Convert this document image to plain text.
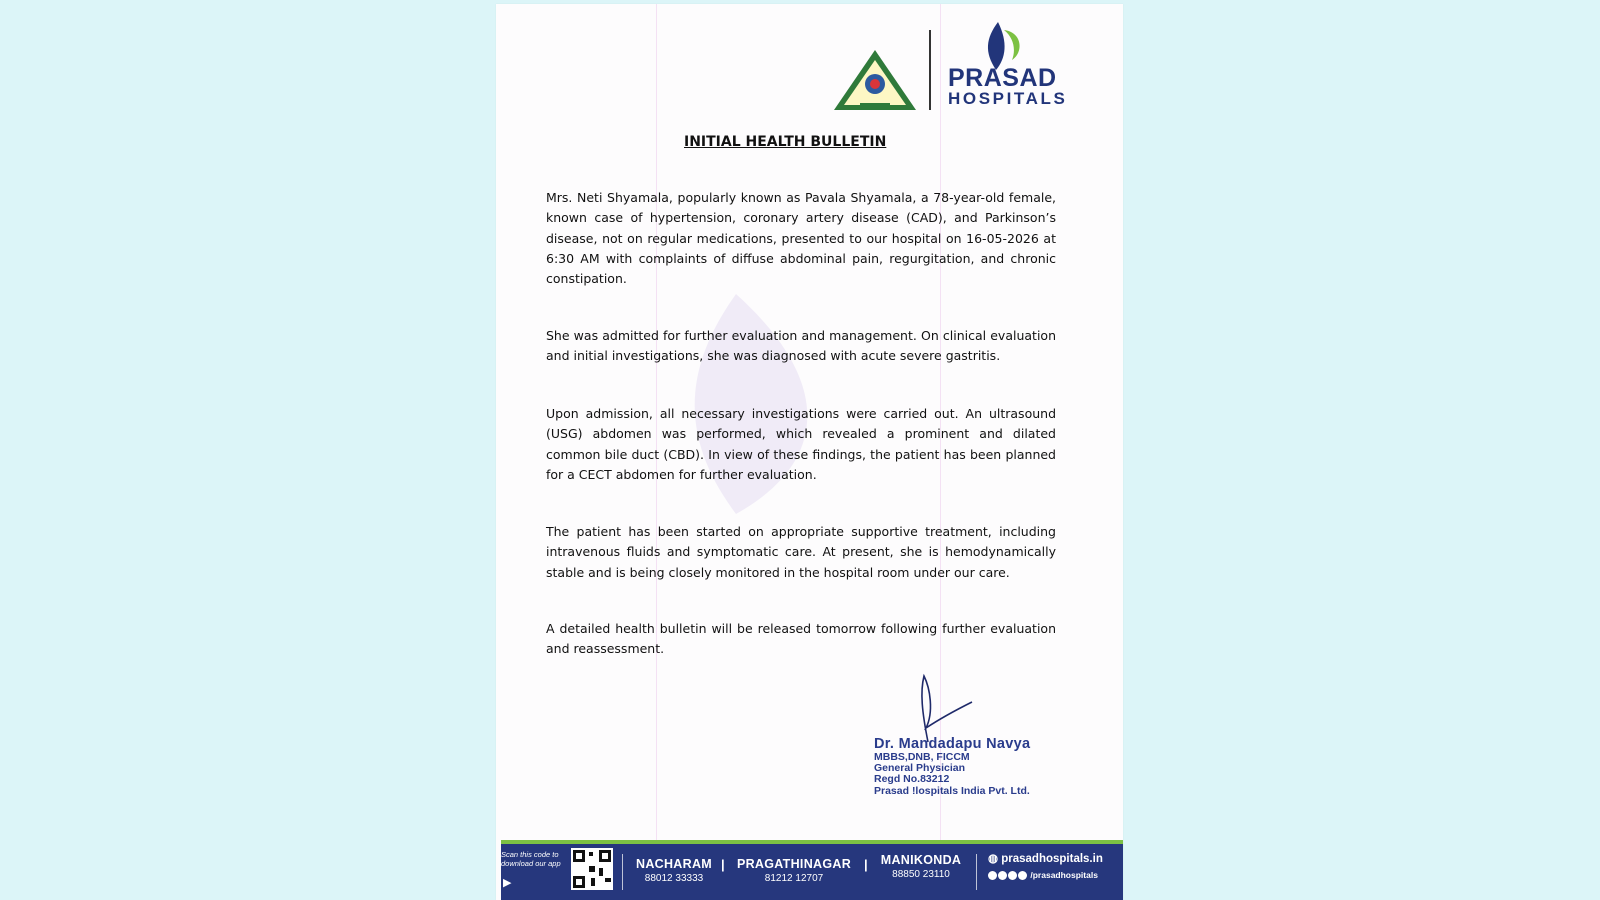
PRASAD
HOSPITALS
INITIAL HEALTH BULLETIN

Mrs. Neti Shyamala, popularly known as Pavala Shyamala, a 78-year-old female, known case of hypertension, coronary artery disease (CAD), and Parkinson’s disease, not on regular medications, presented to our hospital on 16-05-2026 at 6:30 AM with complaints of diffuse abdominal pain, regurgitation, and chronic constipation.

She was admitted for further evaluation and management. On clinical evaluation and initial investigations, she was diagnosed with acute severe gastritis.

Upon admission, all necessary investigations were carried out. An ultrasound (USG) abdomen was performed, which revealed a prominent and dilated common bile duct (CBD). In view of these findings, the patient has been planned for a CECT abdomen for further evaluation.

The patient has been started on appropriate supportive treatment, including intravenous fluids and symptomatic care. At present, she is hemodynamically stable and is being closely monitored in the hospital room under our care.

A detailed health bulletin will be released tomorrow following further evaluation and reassessment.

Dr. Mandadapu Navya
MBBS,DNB, FICCM
General Physician
Regd No.83212
Prasad !lospitals India Pvt. Ltd.
Scan this code to download our app
▶
NACHARAM
88012 33333
| PRAGATHINAGAR
81212 12707
|	MANIKONDA
88850 23110
◍ prasadhospitals.in
/prasadhospitals
